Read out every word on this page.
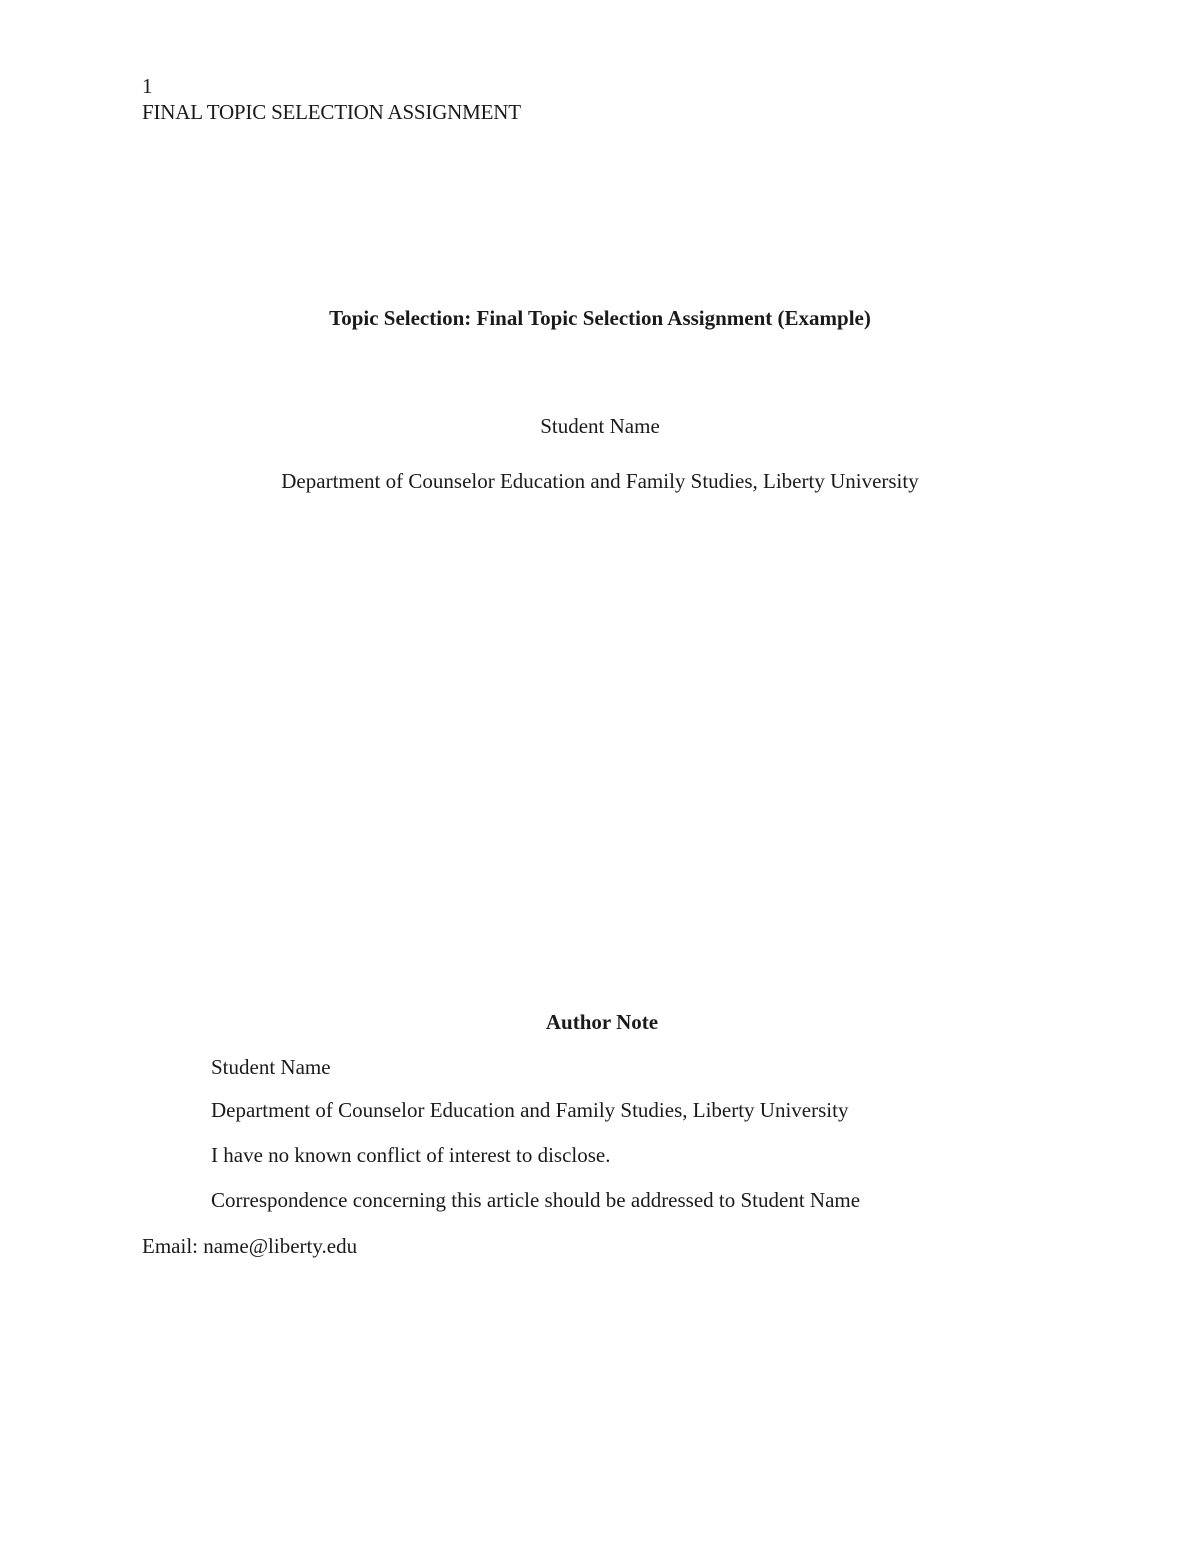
1
FINAL TOPIC SELECTION ASSIGNMENT
Topic Selection: Final Topic Selection Assignment (Example)
Student Name
Department of Counselor Education and Family Studies, Liberty University
Author Note
Student Name
Department of Counselor Education and Family Studies, Liberty University
I have no known conflict of interest to disclose.
Correspondence concerning this article should be addressed to Student Name
Email: name@liberty.edu
